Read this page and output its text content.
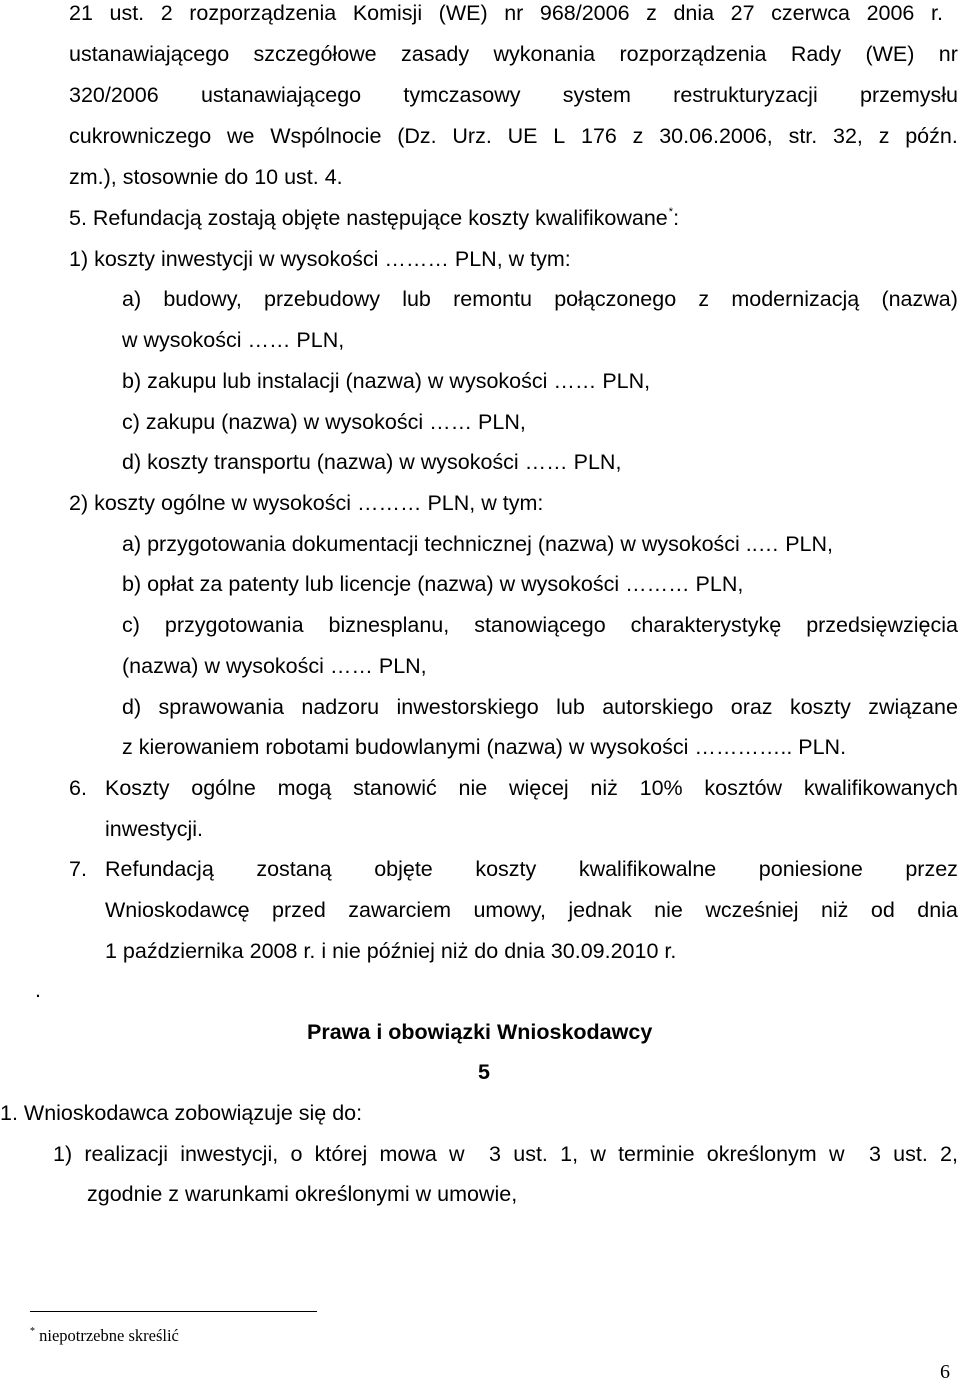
21 ust. 2 rozporządzenia Komisji (WE) nr 968/2006 z dnia 27 czerwca 2006 r.
ustanawiającego szczegółowe zasady wykonania rozporządzenia Rady (WE) nr
320/2006 ustanawiającego tymczasowy system restrukturyzacji przemysłu
cukrowniczego we Wspólnocie (Dz. Urz. UE L 176 z 30.06.2006, str. 32, z późn.
zm.), stosownie do 10 ust. 4.
5. Refundacją zostają objęte następujące koszty kwalifikowane*:
1) koszty inwestycji w wysokości ……… PLN, w tym:
a) budowy, przebudowy lub remontu połączonego z modernizacją (nazwa)
w wysokości …… PLN,
b) zakupu lub instalacji (nazwa) w wysokości …… PLN,
c) zakupu (nazwa) w wysokości …… PLN,
d) koszty transportu (nazwa) w wysokości …… PLN,
2) koszty ogólne w wysokości ……… PLN, w tym:
a) przygotowania dokumentacji technicznej (nazwa) w wysokości ..… PLN,
b) opłat za patenty lub licencje (nazwa) w wysokości ……… PLN,
c) przygotowania biznesplanu, stanowiącego charakterystykę przedsięwzięcia
(nazwa) w wysokości …… PLN,
d) sprawowania nadzoru inwestorskiego lub autorskiego oraz koszty związane
z kierowaniem robotami budowlanymi (nazwa) w wysokości ………….. PLN.
6. Koszty ogólne mogą stanowić nie więcej niż 10% kosztów kwalifikowanych
inwestycji.
7. Refundacją zostaną objęte koszty kwalifikowalne poniesione przez
Wnioskodawcę przed zawarciem umowy, jednak nie wcześniej niż od dnia
1 października 2008 r. i nie później niż do dnia 30.09.2010 r.
.
Prawa i obowiązki Wnioskodawcy
5
1. Wnioskodawca zobowiązuje się do:
1) realizacji inwestycji, o której mowa w 3 ust. 1, w terminie określonym w 3 ust. 2,
zgodnie z warunkami określonymi w umowie,
* niepotrzebne skreślić
6
